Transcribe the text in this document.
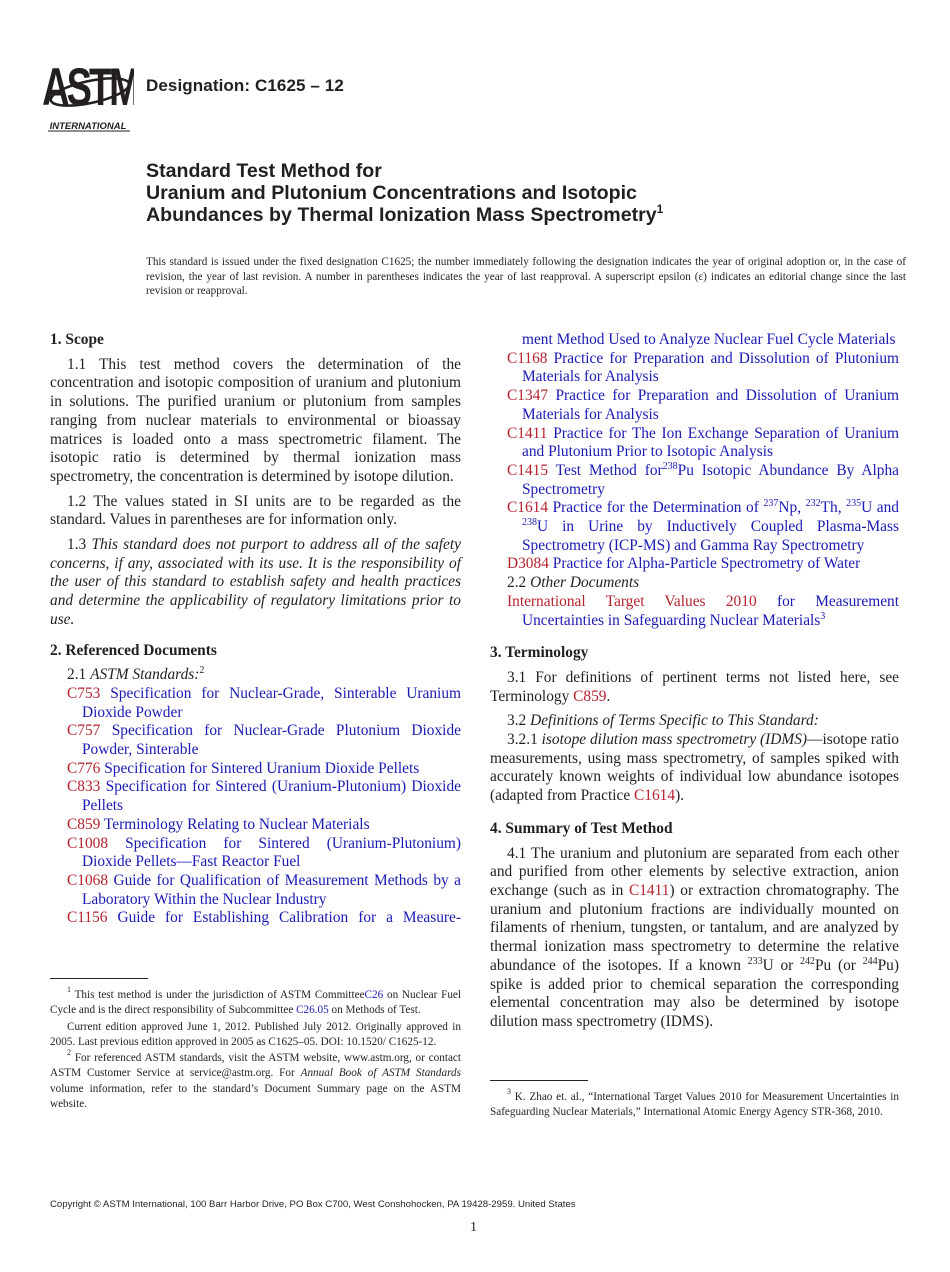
ASTM
INTERNATIONAL
Designation: C1625 – 12
Standard Test Method for
Uranium and Plutonium Concentrations and Isotopic
Abundances by Thermal Ionization Mass Spectrometry$^1$
This standard is issued under the fixed designation C1625; the number immediately following the designation indicates the year of original adoption or, in the case of revision, the year of last revision. A number in parentheses indicates the year of last reapproval. A superscript epsilon (ε) indicates an editorial change since the last revision or reapproval.
1. Scope

1.1 This test method covers the determination of the concentration and isotopic composition of uranium and plutonium in solutions. The purified uranium or plutonium from samples ranging from nuclear materials to environmental or bioassay matrices is loaded onto a mass spectrometric filament. The isotopic ratio is determined by thermal ionization mass spectrometry, the concentration is determined by isotope dilution.

1.2 The values stated in SI units are to be regarded as the standard. Values in parentheses are for information only.

1.3 This standard does not purport to address all of the safety concerns, if any, associated with its use. It is the responsibility of the user of this standard to establish safety and health practices and determine the applicability of regulatory limitations prior to use.

2. Referenced Documents

2.1 ASTM Standards:$^2$

C753 Specification for Nuclear-Grade, Sinterable Uranium Dioxide Powder

C757 Specification for Nuclear-Grade Plutonium Dioxide Powder, Sinterable

C776 Specification for Sintered Uranium Dioxide Pellets

C833 Specification for Sintered (Uranium-Plutonium) Dioxide Pellets

C859 Terminology Relating to Nuclear Materials

C1008 Specification for Sintered (Uranium-Plutonium) Dioxide Pellets—Fast Reactor Fuel

C1068 Guide for Qualification of Measurement Methods by a Laboratory Within the Nuclear Industry

C1156 Guide for Establishing Calibration for a Measure-

$^1$ This test method is under the jurisdiction of ASTM CommitteeC26 on Nuclear Fuel Cycle and is the direct responsibility of Subcommittee C26.05 on Methods of Test.

Current edition approved June 1, 2012. Published July 2012. Originally approved in 2005. Last previous edition approved in 2005 as C1625–05. DOI: 10.1520/ C1625-12.

$^2$ For referenced ASTM standards, visit the ASTM website, www.astm.org, or contact ASTM Customer Service at service@astm.org. For Annual Book of ASTM Standards volume information, refer to the standard’s Document Summary page on the ASTM website.

ment Method Used to Analyze Nuclear Fuel Cycle Materials

C1168 Practice for Preparation and Dissolution of Plutonium Materials for Analysis

C1347 Practice for Preparation and Dissolution of Uranium Materials for Analysis

C1411 Practice for The Ion Exchange Separation of Uranium and Plutonium Prior to Isotopic Analysis

C1415 Test Method for$^{238}$Pu Isotopic Abundance By Alpha Spectrometry

C1614 Practice for the Determination of $^{237}$Np, $^{232}$Th, $^{235}$U and $^{238}$U in Urine by Inductively Coupled Plasma-Mass Spectrometry (ICP-MS) and Gamma Ray Spectrometry

D3084 Practice for Alpha-Particle Spectrometry of Water

2.2 Other Documents

International Target Values 2010 for Measurement Uncertainties in Safeguarding Nuclear Materials$^3$

3. Terminology

3.1 For definitions of pertinent terms not listed here, see Terminology C859.

3.2 Definitions of Terms Specific to This Standard:

3.2.1 isotope dilution mass spectrometry (IDMS)—isotope ratio measurements, using mass spectrometry, of samples spiked with accurately known weights of individual low abundance isotopes (adapted from Practice C1614).

4. Summary of Test Method

4.1 The uranium and plutonium are separated from each other and purified from other elements by selective extraction, anion exchange (such as in C1411) or extraction chromatography. The uranium and plutonium fractions are individually mounted on filaments of rhenium, tungsten, or tantalum, and are analyzed by thermal ionization mass spectrometry to determine the relative abundance of the isotopes. If a known $^{233}$U or $^{242}$Pu (or $^{244}$Pu) spike is added prior to chemical separation the corresponding elemental concentration may also be determined by isotope dilution mass spectrometry (IDMS).

$^3$ K. Zhao et. al., “International Target Values 2010 for Measurement Uncertainties in Safeguarding Nuclear Materials,” International Atomic Energy Agency STR-368, 2010.

Copyright © ASTM International, 100 Barr Harbor Drive, PO Box C700, West Conshohocken, PA 19428-2959. United States
1
